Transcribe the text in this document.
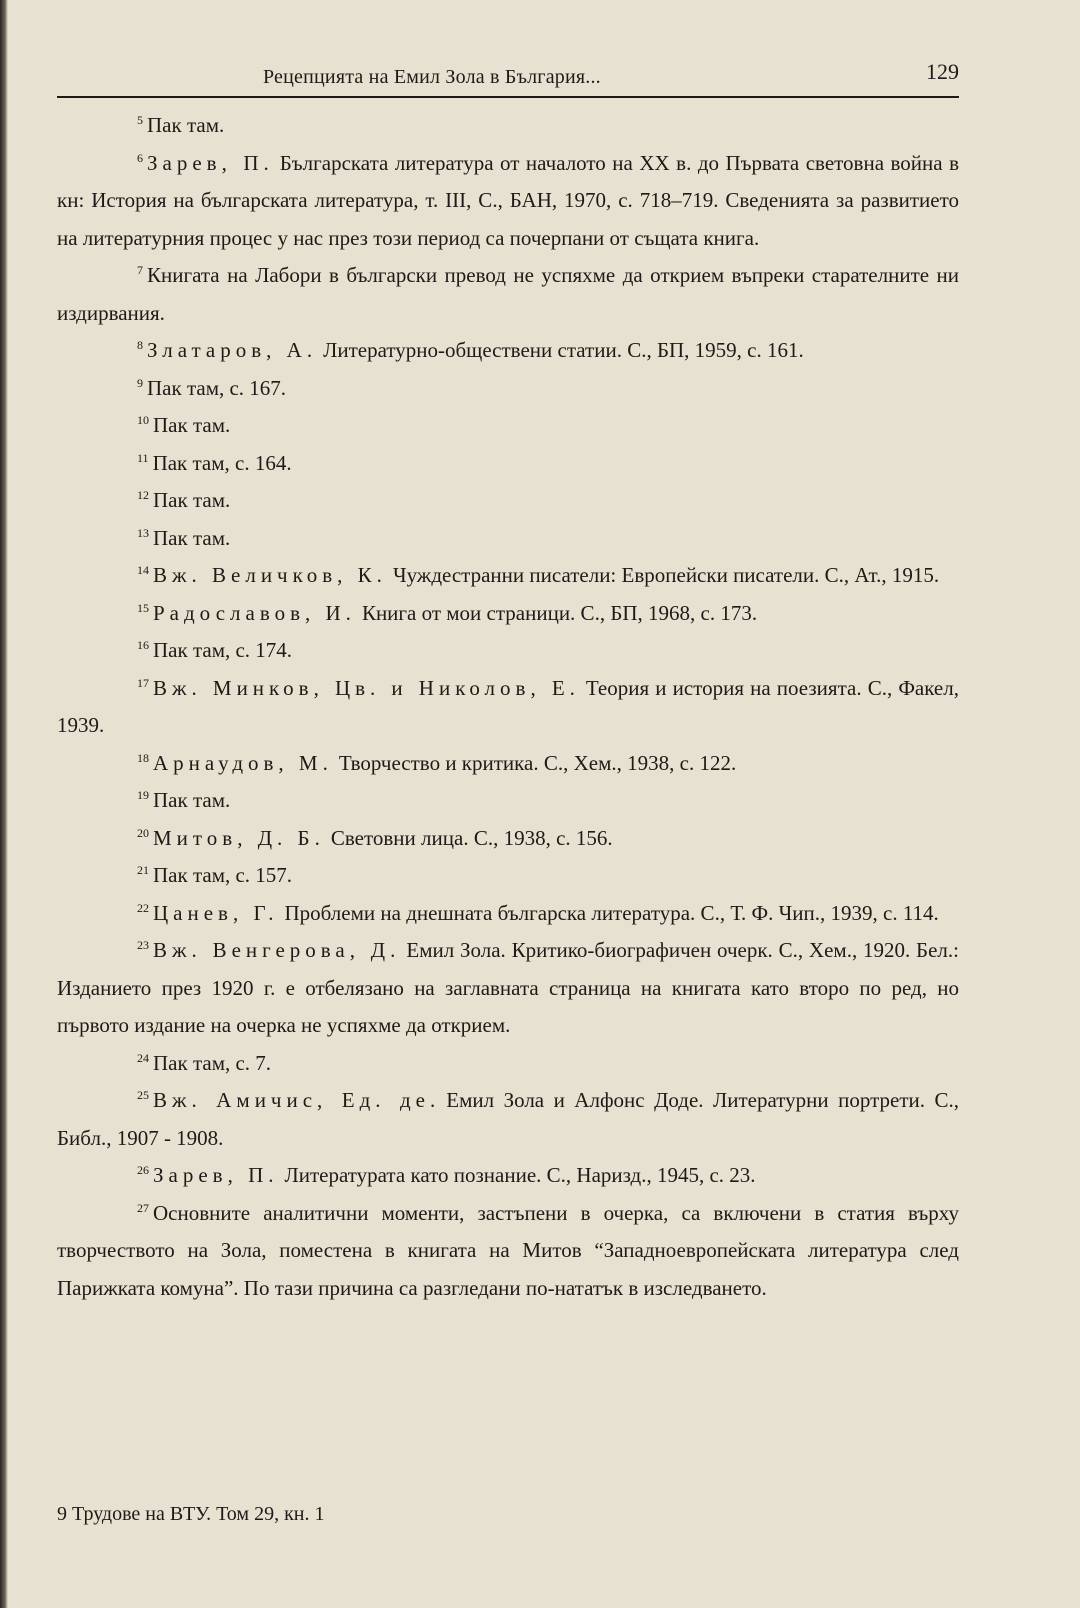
Рецепцията на Емил Зола в България...	129

$^5$ Пак там.

$^6$ Зарев, П. Българската литература от началото на XX в. до Първата световна война в кн: История на българската литература, т. III, С., БАН, 1970, с. 718–719. Сведенията за развитието на литературния процес у нас през този период са почерпани от същата книга.

$^7$ Книгата на Лабори в български превод не успяхме да открием въпреки старателните ни издирвания.

$^8$ Златаров, А. Литературно-обществени статии. С., БП, 1959, с. 161.

$^9$ Пак там, с. 167.

$^{10}$ Пак там.

$^{11}$ Пак там, с. 164.

$^{12}$ Пак там.

$^{13}$ Пак там.

$^{14}$ Вж. Величков, К. Чуждестранни писатели: Европейски писатели. С., Ат., 1915.

$^{15}$ Радославов, И. Книга от мои страници. С., БП, 1968, с. 173.

$^{16}$ Пак там, с. 174.

$^{17}$ Вж. Минков, Цв. и Николов, Е. Теория и история на поезията. С., Факел, 1939.

$^{18}$ Арнаудов, М. Творчество и критика. С., Хем., 1938, с. 122.

$^{19}$ Пак там.

$^{20}$ Митов, Д. Б. Световни лица. С., 1938, с. 156.

$^{21}$ Пак там, с. 157.

$^{22}$ Цанев, Г. Проблеми на днешната българска литература. С., Т. Ф. Чип., 1939, с. 114.

$^{23}$ Вж. Венгерова, Д. Емил Зола. Критико-биографичен очерк. С., Хем., 1920. Бел.: Изданието през 1920 г. е отбелязано на заглавната страница на книгата като второ по ред, но първото издание на очерка не успяхме да открием.

$^{24}$ Пак там, с. 7.

$^{25}$ Вж. Амичис, Ед. де. Емил Зола и Алфонс Доде. Литературни портрети. С., Библ., 1907 - 1908.

$^{26}$ Зарев, П. Литературата като познание. С., Наризд., 1945, с. 23.

$^{27}$ Основните аналитични моменти, застъпени в очерка, са включени в статия върху творчеството на Зола, поместена в книгата на Митов “Западноевропейската литература след Парижката комуна”. По тази причина са разгледани по-нататък в изследването.

9 Трудове на ВТУ. Том 29, кн. 1
